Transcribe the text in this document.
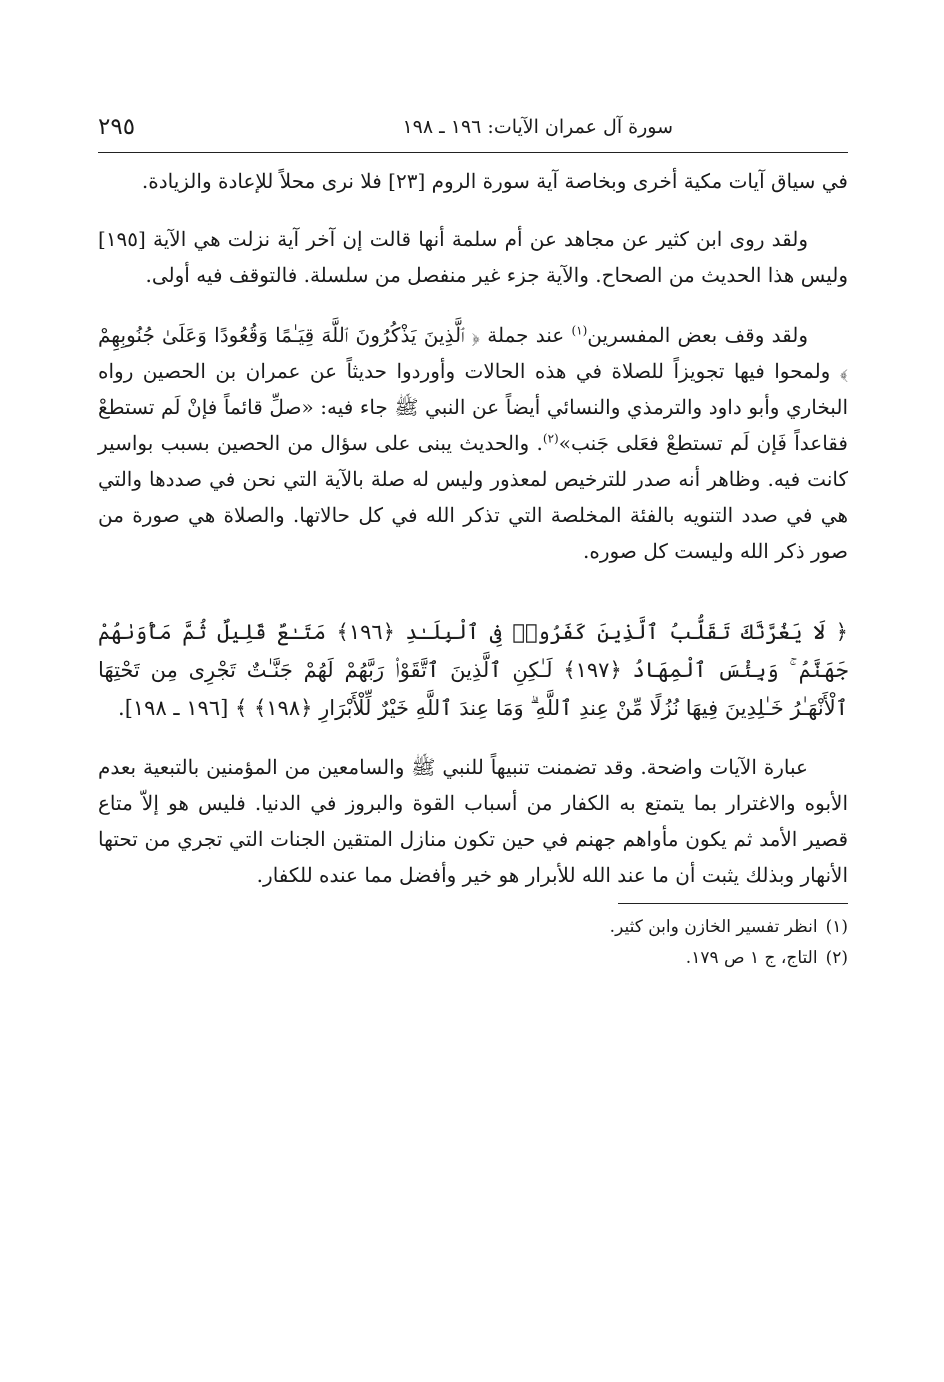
سورة آل عمران الآيات: ١٩٦ ـ ١٩٨
٢٩٥

في سياق آيات مكية أخرى وبخاصة آية سورة الروم [٢٣] فلا نرى محلاً للإعادة والزيادة.

ولقد روى ابن كثير عن مجاهد عن أم سلمة أنها قالت إن آخر آية نزلت هي الآية [١٩٥] وليس هذا الحديث من الصحاح. والآية جزء غير منفصل من سلسلة. فالتوقف فيه أولى.

ولقد وقف بعض المفسرين$^{(١)}$ عند جملة ﴿ ٱلَّذِينَ يَذْكُرُونَ ٱللَّهَ قِيَـٰمًا وَقُعُودًا وَعَلَىٰ جُنُوبِهِمْ ﴾ ولمحوا فيها تجويزاً للصلاة في هذه الحالات وأوردوا حديثاً عن عمران بن الحصين رواه البخاري وأبو داود والترمذي والنسائي أيضاً عن النبي ﷺ جاء فيه: «صلِّ قائماً فإنْ لَم تستطعْ فقاعداً فَإن لَم تستطعْ فعَلى جَنب»$^{(٢)}$. والحديث يبنى على سؤال من الحصين بسبب بواسير كانت فيه. وظاهر أنه صدر للترخيص لمعذور وليس له صلة بالآية التي نحن في صددها والتي هي في صدد التنويه بالفئة المخلصة التي تذكر الله في كل حالاتها. والصلاة هي صورة من صور ذكر الله وليست كل صوره.

﴿ لَا يَغُرَّنَّكَ تَقَلُّبُ ٱلَّذِينَ كَفَرُوا۟ فِى ٱلْبِلَـٰدِ ﴿١٩٦﴾ مَتَـٰعٌ قَلِيلٌ ثُمَّ مَأْوَىٰهُمْ جَهَنَّمُ ۚ وَبِئْسَ ٱلْمِهَادُ ﴿١٩٧﴾ لَـٰكِنِ ٱلَّذِينَ ٱتَّقَوْا۟ رَبَّهُمْ لَهُمْ جَنَّـٰتٌ تَجْرِى مِن تَحْتِهَا ٱلْأَنْهَـٰرُ خَـٰلِدِينَ فِيهَا نُزُلًا مِّنْ عِندِ ٱللَّهِ ۗ وَمَا عِندَ ٱللَّهِ خَيْرٌ لِّلْأَبْرَارِ ﴿١٩٨﴾ ﴾ [١٩٦ ـ ١٩٨].

عبارة الآيات واضحة. وقد تضمنت تنبيهاً للنبي ﷺ والسامعين من المؤمنين بالتبعية بعدم الأبوه والاغترار بما يتمتع به الكفار من أسباب القوة والبروز في الدنيا. فليس هو إلاّ متاع قصير الأمد ثم يكون مأواهم جهنم في حين تكون منازل المتقين الجنات التي تجري من تحتها الأنهار وبذلك يثبت أن ما عند الله للأبرار هو خير وأفضل مما عنده للكفار.

(١)انظر تفسير الخازن وابن كثير.
(٢)التاج، ج ١ ص ١٧٩.
